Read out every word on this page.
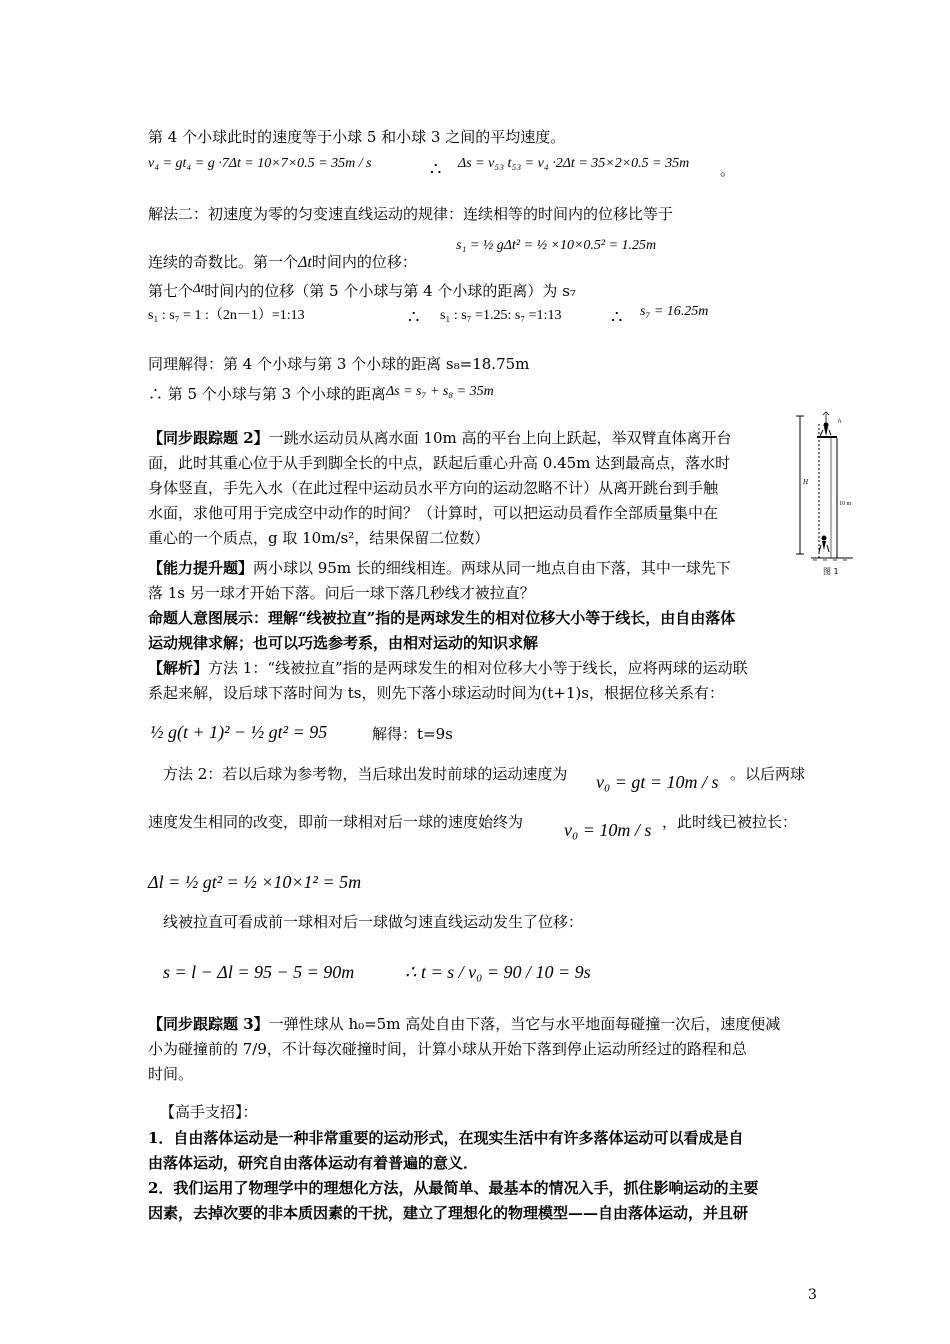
第 4 个小球此时的速度等于小球 5 和小球 3 之间的平均速度。
v₄ = gt₄ = g ·7Δt = 10×7×0.5 = 35m / s	∴ Δs = v₅₃ t₅₃ = v₄ ·2Δt = 35×2×0.5 = 35m 。
解法二：初速度为零的匀变速直线运动的规律：连续相等的时间内的位移比等于
s₁ = ½ gΔt² = ½ ×10×0.5² = 1.25m
连续的奇数比。第一个Δt时间内的位移：
第七个Δt时间内的位移（第 5 个小球与第 4 个小球的距离）为 s₇
s₁ : s₇ = 1 :（2n－1）=1:13	∴ s₁ : s₇ =1.25: s₇ =1:13	∴ s₇ = 16.25m
同理解得：第 4 个小球与第 3 个小球的距离 s₈=18.75m
∴ 第 5 个小球与第 3 个小球的距离Δs = s₇ + s₈ = 35m
【同步跟踪题 2】一跳水运动员从离水面 10m 高的平台上向上跃起，举双臂直体离开台
面，此时其重心位于从手到脚全长的中点，跃起后重心升高 0.45m 达到最高点，落水时
身体竖直，手先入水（在此过程中运动员水平方向的运动忽略不计）从离开跳台到手触
水面，求他可用于完成空中动作的时间？（计算时，可以把运动员看作全部质量集中在
重心的一个质点，g 取 10m/s²，结果保留二位数）
h
H
10 m
图 1
【能力提升题】两小球以 95m 长的细线相连。两球从同一地点自由下落，其中一球先下
落 1s 另一球才开始下落。问后一球下落几秒线才被拉直？
命题人意图展示：理解“线被拉直”指的是两球发生的相对位移大小等于线长，由自由落体
运动规律求解；也可以巧选参考系，由相对运动的知识求解
【解析】方法 1：“线被拉直”指的是两球发生的相对位移大小等于线长，应将两球的运动联
系起来解，设后球下落时间为 ts，则先下落小球运动时间为(t+1)s，根据位移关系有：
½ g(t + 1)² − ½ gt² = 95	解得：t=9s
方法 2：若以后球为参考物，当后球出发时前球的运动速度为 v₀ = gt = 10m / s 。以后两球
速度发生相同的改变，即前一球相对后一球的速度始终为 v₀ = 10m / s ，此时线已被拉长：
Δl = ½ gt² = ½ ×10×1² = 5m
线被拉直可看成前一球相对后一球做匀速直线运动发生了位移：
s = l − Δl = 95 − 5 = 90m	∴ t = s / v₀ = 90 / 10 = 9s
【同步跟踪题 3】一弹性球从 h₀=5m 高处自由下落，当它与水平地面每碰撞一次后，速度便减
小为碰撞前的 7/9，不计每次碰撞时间，计算小球从开始下落到停止运动所经过的路程和总
时间。
【高手支招】：
1．自由落体运动是一种非常重要的运动形式，在现实生活中有许多落体运动可以看成是自
由落体运动，研究自由落体运动有着普遍的意义．
2．我们运用了物理学中的理想化方法，从最简单、最基本的情况入手，抓住影响运动的主要
因素，去掉次要的非本质因素的干扰，建立了理想化的物理模型——自由落体运动，并且研
3
